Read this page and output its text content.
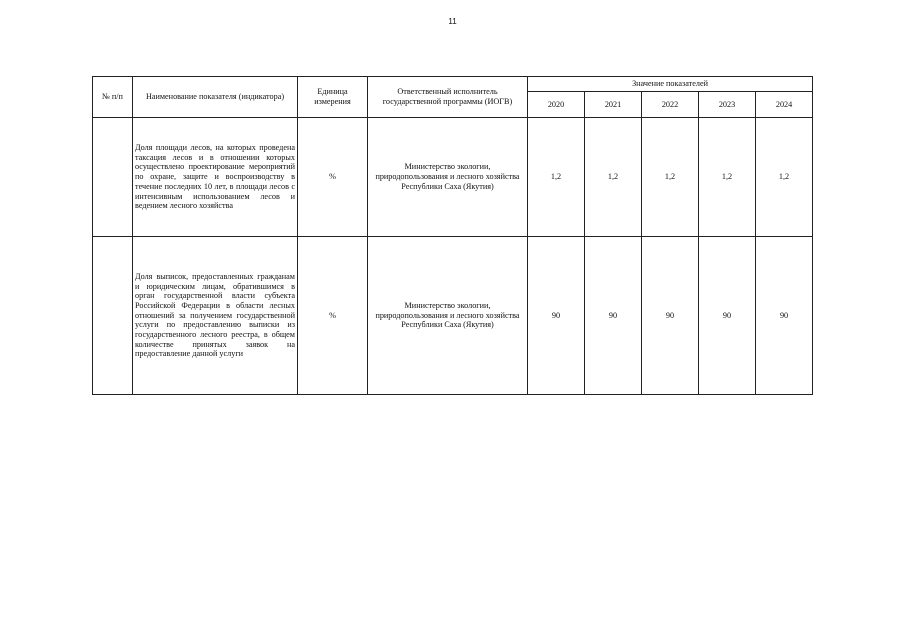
11
№ п/п	Наименование показателя (индикатора)	Единица измерения	Ответственный исполнитель государственной программы (ИОГВ)	Значение показателей				
				2020	2021	2022	2023	2024
	Доля площади лесов, на которых проведена таксация лесов и в отношении которых осуществлено проектирование мероприятий по охране, защите и воспроизводству в течение последних 10 лет, в площади лесов с интенсивным использованием лесов и ведением лесного хозяйства	%	Министерство экологии, природопользования и лесного хозяйства Республики Саха (Якутия)	1,2	1,2	1,2	1,2	1,2
	Доля выписок, предоставленных гражданам и юридическим лицам, обратившимся в орган государственной власти субъекта Российской Федерации в области лесных отношений за получением государственной услуги по предоставлению выписки из государственного лесного реестра, в общем количестве принятых заявок на предоставление данной услуги	%	Министерство экологии, природопользования и лесного хозяйства Республики Саха (Якутия)	90	90	90	90	90
